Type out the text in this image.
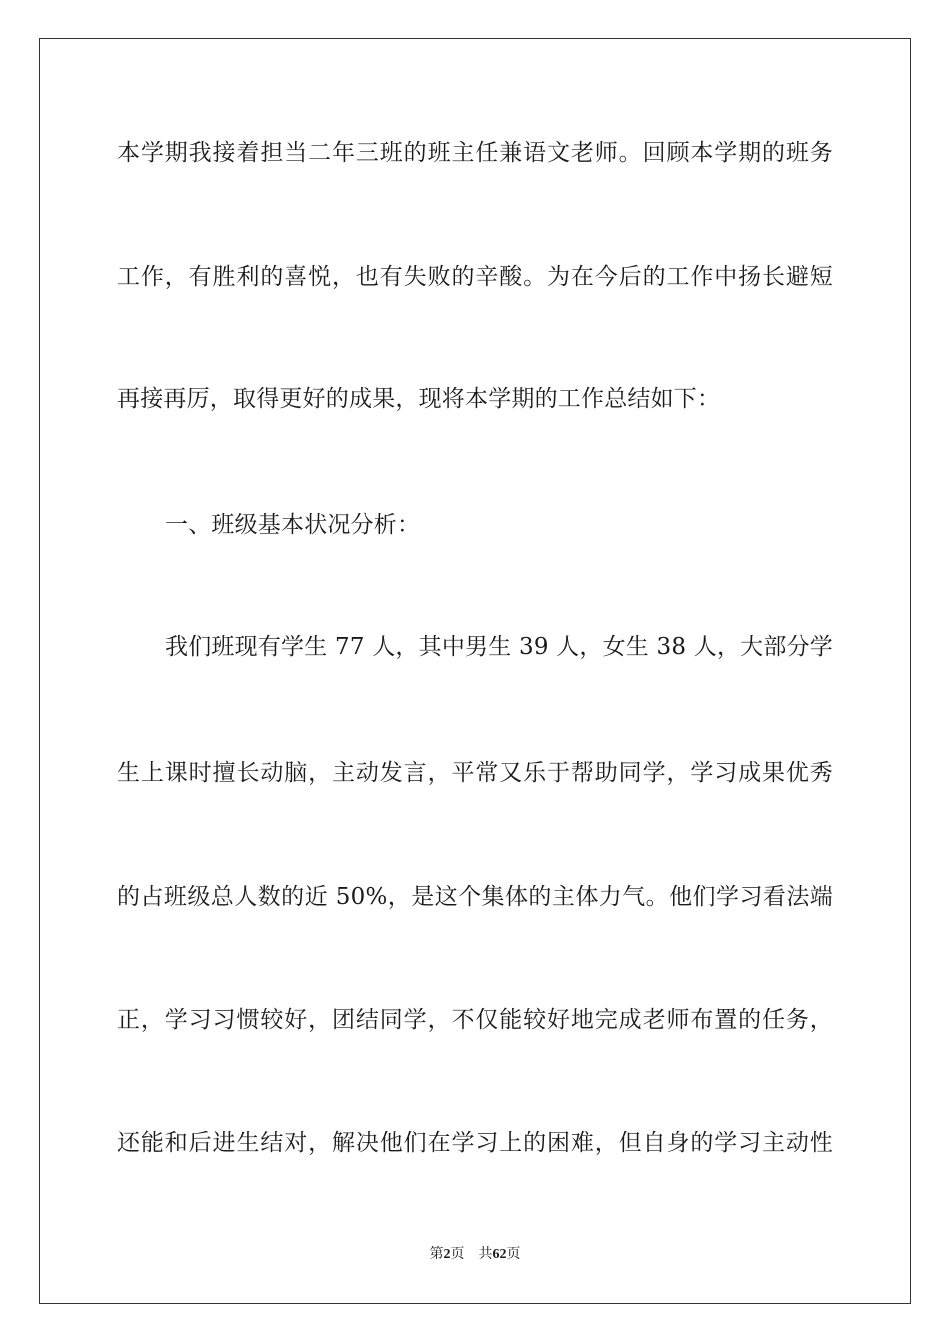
本学期我接着担当二年三班的班主任兼语文老师。回顾本学期的班务
工作，有胜利的喜悦，也有失败的辛酸。为在今后的工作中扬长避短
再接再厉，取得更好的成果，现将本学期的工作总结如下：
一、班级基本状况分析：
我们班现有学生 77 人，其中男生 39 人，女生 38 人，大部分学
生上课时擅长动脑，主动发言，平常又乐于帮助同学，学习成果优秀
的占班级总人数的近 50%，是这个集体的主体力气。他们学习看法端
正，学习习惯较好，团结同学，不仅能较好地完成老师布置的任务，
还能和后进生结对，解决他们在学习上的困难，但自身的学习主动性
第2页 共62页
